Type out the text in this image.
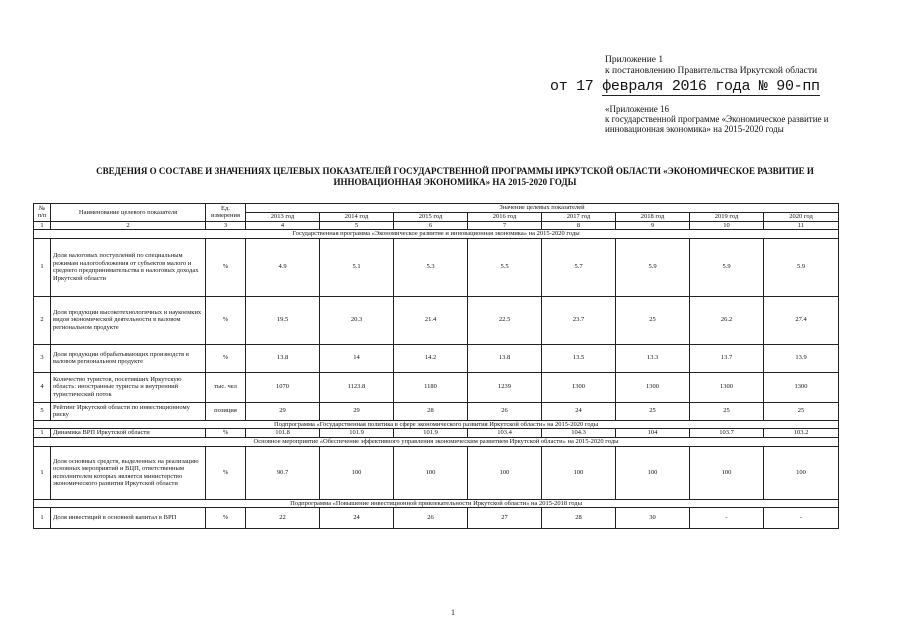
Приложение 1
к постановлению Правительства Иркутской области
от 17 февраля 2016 года № 90-пп
«Приложение 16
к государственной программе «Экономическое развитие и инновационная экономика» на 2015-2020 годы
СВЕДЕНИЯ О СОСТАВЕ И ЗНАЧЕНИЯХ ЦЕЛЕВЫХ ПОКАЗАТЕЛЕЙ ГОСУДАРСТВЕННОЙ ПРОГРАММЫ ИРКУТСКОЙ ОБЛАСТИ «ЭКОНОМИЧЕСКОЕ РАЗВИТИЕ И ИННОВАЦИОННАЯ ЭКОНОМИКА» НА 2015-2020 ГОДЫ
№ п/п	Наименование целевого показателя	Ед. измерения	Значение целевых показателей							
			2013 год	2014 год	2015 год	2016 год	2017 год	2018 год	2019 год	2020 год
1	2	3	4	5	6	7	8	9	10	11
Государственная программа «Экономическое развитие и инновационная экономика» на 2015-2020 годы										
1	Доля налоговых поступлений по специальным режимам налогообложения от субъектов малого и среднего предпринимательства в налоговых доходах Иркутской области	%	4.9	5.1	5.3	5.5	5.7	5.9	5.9	5.9
2	Доля продукции высокотехнологичных и наукоемких видов экономической деятельности в валовом региональном продукте	%	19.5	20.3	21.4	22.5	23.7	25	26.2	27.4
3	Доля продукции обрабатывающих производств в валовом региональном продукте	%	13.8	14	14.2	13.8	13.5	13.3	13.7	13.9
4	Количество туристов, посетивших Иркутскую область: иностранные туристы и внутренний туристический поток	тыс. чел	1070	1123.8	1180	1239	1300	1300	1300	1300
5	Рейтинг Иркутской области по инвестиционному риску	позиция	29	29	28	26	24	25	25	25
Подпрограмма «Государственная политика в сфере экономического развития Иркутской области» на 2015-2020 годы										
1	Динамика ВРП Иркутской области	%	101.8	101.9	101.9	103.4	104.3	104	103.7	103.2
Основное мероприятие «Обеспечение эффективного управления экономическим развитием Иркутской области» на 2015-2020 годы										
1	Доля основных средств, выделенных на реализацию основных мероприятий и ВЦП, ответственным исполнителем которых является министерство экономического развития Иркутской области	%	90.7	100	100	100	100	100	100	100
Подпрограмма «Повышение инвестиционной привлекательности Иркутской области» на 2015-2018 годы										
1	Доля инвестиций в основной капитал в ВРП	%	22	24	26	27	28	30	-	-
1
